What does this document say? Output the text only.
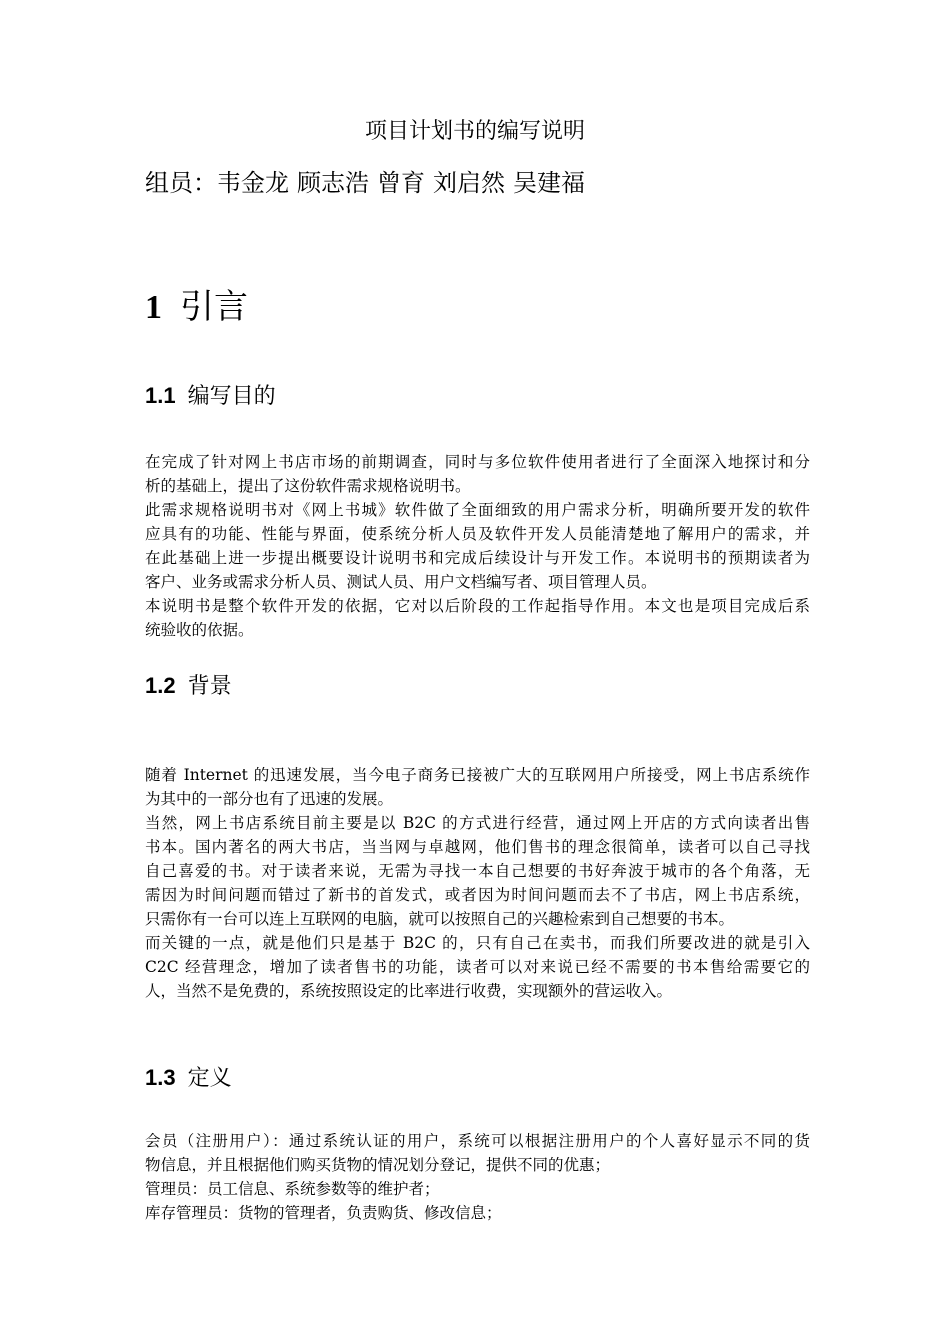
项目计划书的编写说明
组员：韦金龙 顾志浩 曾育 刘启然 吴建福
1 引言
1.1 编写目的
在完成了针对网上书店市场的前期调查，同时与多位软件使用者进行了全面深入地探讨和分
析的基础上，提出了这份软件需求规格说明书。
此需求规格说明书对《网上书城》软件做了全面细致的用户需求分析，明确所要开发的软件
应具有的功能、性能与界面，使系统分析人员及软件开发人员能清楚地了解用户的需求，并
在此基础上进一步提出概要设计说明书和完成后续设计与开发工作。本说明书的预期读者为
客户、业务或需求分析人员、测试人员、用户文档编写者、项目管理人员。
本说明书是整个软件开发的依据，它对以后阶段的工作起指导作用。本文也是项目完成后系
统验收的依据。
1.2 背景
随着 Internet 的迅速发展，当今电子商务已接被广大的互联网用户所接受，网上书店系统作
为其中的一部分也有了迅速的发展。
当然，网上书店系统目前主要是以 B2C 的方式进行经营，通过网上开店的方式向读者出售
书本。国内著名的两大书店，当当网与卓越网，他们售书的理念很简单，读者可以自己寻找
自己喜爱的书。对于读者来说，无需为寻找一本自己想要的书好奔波于城市的各个角落，无
需因为时间问题而错过了新书的首发式，或者因为时间问题而去不了书店，网上书店系统，
只需你有一台可以连上互联网的电脑，就可以按照自己的兴趣检索到自己想要的书本。
而关键的一点，就是他们只是基于 B2C 的，只有自己在卖书，而我们所要改进的就是引入
C2C 经营理念，增加了读者售书的功能，读者可以对来说已经不需要的书本售给需要它的
人，当然不是免费的，系统按照设定的比率进行收费，实现额外的营运收入。
1.3 定义
会员（注册用户）：通过系统认证的用户，系统可以根据注册用户的个人喜好显示不同的货
物信息，并且根据他们购买货物的情况划分登记，提供不同的优惠；
管理员：员工信息、系统参数等的维护者；
库存管理员：货物的管理者，负责购货、修改信息；
